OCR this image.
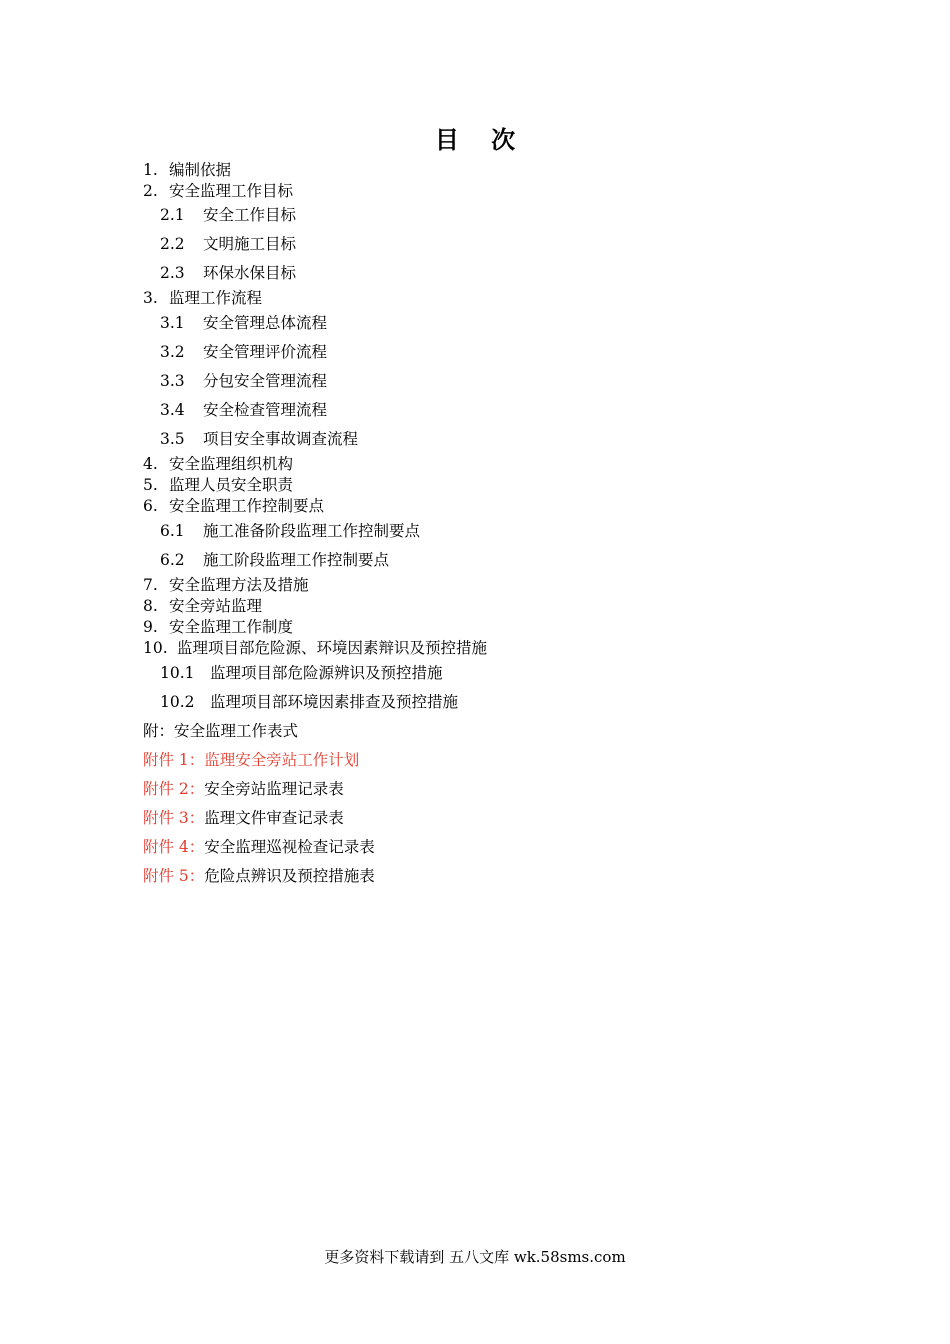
目 次
1. 编制依据
2. 安全监理工作目标
2.1 安全工作目标
2.2 文明施工目标
2.3 环保水保目标
3. 监理工作流程
3.1 安全管理总体流程
3.2 安全管理评价流程
3.3 分包安全管理流程
3.4 安全检查管理流程
3.5 项目安全事故调查流程
4. 安全监理组织机构
5. 监理人员安全职责
6. 安全监理工作控制要点
6.1 施工准备阶段监理工作控制要点
6.2 施工阶段监理工作控制要点
7. 安全监理方法及措施
8. 安全旁站监理
9. 安全监理工作制度
10. 监理项目部危险源、环境因素辩识及预控措施
10.1 监理项目部危险源辨识及预控措施
10.2 监理项目部环境因素排查及预控措施
附：安全监理工作表式
附件 1：监理安全旁站工作计划
附件 2：安全旁站监理记录表
附件 3：监理文件审查记录表
附件 4：安全监理巡视检查记录表
附件 5：危险点辨识及预控措施表
更多资料下载请到 五八文库 wk.58sms.com
